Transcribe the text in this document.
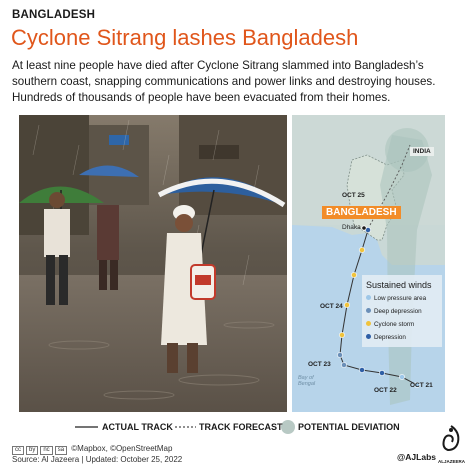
BANGLADESH
Cyclone Sitrang lashes Bangladesh
At least nine people have died after Cyclone Sitrang slammed into Bangladesh’s southern coast, snapping communications and power links and destroying houses. Hundreds of thousands of people have been evacuated from their homes.
INDIA
OCT 25
BANGLADESH
Dhaka
Sustained winds
Low pressure area
Deep depression
Cyclone storm
Depression
OCT 24
OCT 23
Bay of
Bengal
OCT 22
OCT 21
ACTUAL TRACK	TRACK FORECAST POTENTIAL DEVIATION
cc by nc sa ©Mapbox, ©OpenStreetMap
Source: Al Jazeera | Updated: October 25, 2022	@AJLabs ALJAZEERA
